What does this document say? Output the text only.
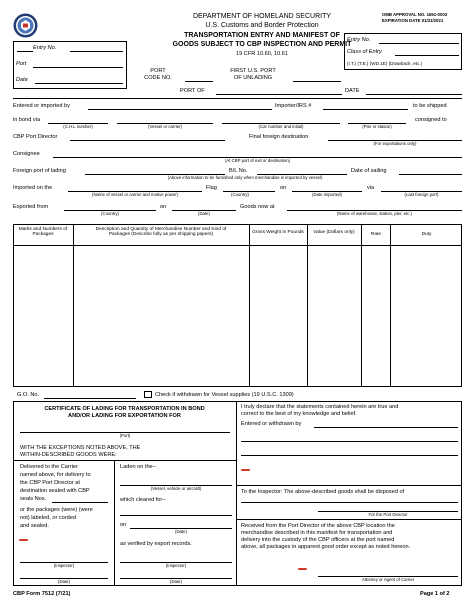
DEPARTMENT OF HOMELAND SECURITY
U.S. Customs and Border Protection
TRANSPORTATION ENTRY AND MANIFEST OF
GOODS SUBJECT TO CBP INSPECTION AND PERMIT
19 CFR 10.60, 10.61
OMB APPROVAL NO. 1651-0003
EXPIRATION DATE 01/31/2021
Entry No.
Port
Date
Entry No.
Class of Entry
(I.T.) (T.E.) (WD.1E) (Drawback, etc.)
PORT
CODE NO.
FIRST U.S. PORT
OF UNLADING
PORT OF	DATE
Entered or imported by	Importer/IRS #	to be shipped
in bond via	consigned to
(C.H.L number)	(Vessel or carrier)	(Car number and initial)	(Pier or station)
CBP Port Director	Final foreign destination
(For exportations only)
Consignee
(At CBP port of exit or destination)
Foreign port of lading	B/L No.	Date of sailing
(Above information to be furnished only when merchandise is imported by vessel)
Imported on the	Flag	on	via
(Name of vessel or carrier and motive power)	(Country)	(Date imported)	(Last foreign port)
Exported from	on	Goods now at
(Country)	(Date)	(Name of warehouse, station, pier, etc.)
Marks and Numbers of Packages
Description and Quantity of Merchandise Number and Kind of Packages (Describe fully as per shipping papers)	Gross Weight in Pounds	Value (Dollars only)	Rate	Duty
G.O. No.	Check if withdrawn for Vessel supplies (19 U.S.C. 1309)
CERTIFICATE OF LADING FOR TRANSPORTATION IN BOND
AND/OR LADING FOR EXPORTATION FOR
(Port)
WITH THE EXCEPTIONS NOTED ABOVE, THE
WITHIN-DESCRIBED GOODS WERE:
Delivered to the Carrier
named above, for delivery to
the CBP Port Director at
destination sealed with CBP
seals Nos.
or the packages (were) (were
not) labeled, or corded
and sealed.
(Inspector)
(Date)
Laden on the--
(Vessel, vehicle or aircraft)
which cleared for--
on
(Date)
as verified by export records.
(Inspector)
(Date)
I truly declare that the statements contained herein are true and
correct to the best of my knowledge and belief.
Entered or withdrawn by
To the Inspector: The above-described goods shall be disposed of
For the Port Director
Received from the Port Director of the above CBP location the
merchandise described in this manifest for transportation and
delivery into the custody of the CBP officers at the port named
above, all packages in apparent good order except as noted hereon.
Attorney or Agent of Carrier
CBP Form 7512 (7/21)	Page 1 of 2
